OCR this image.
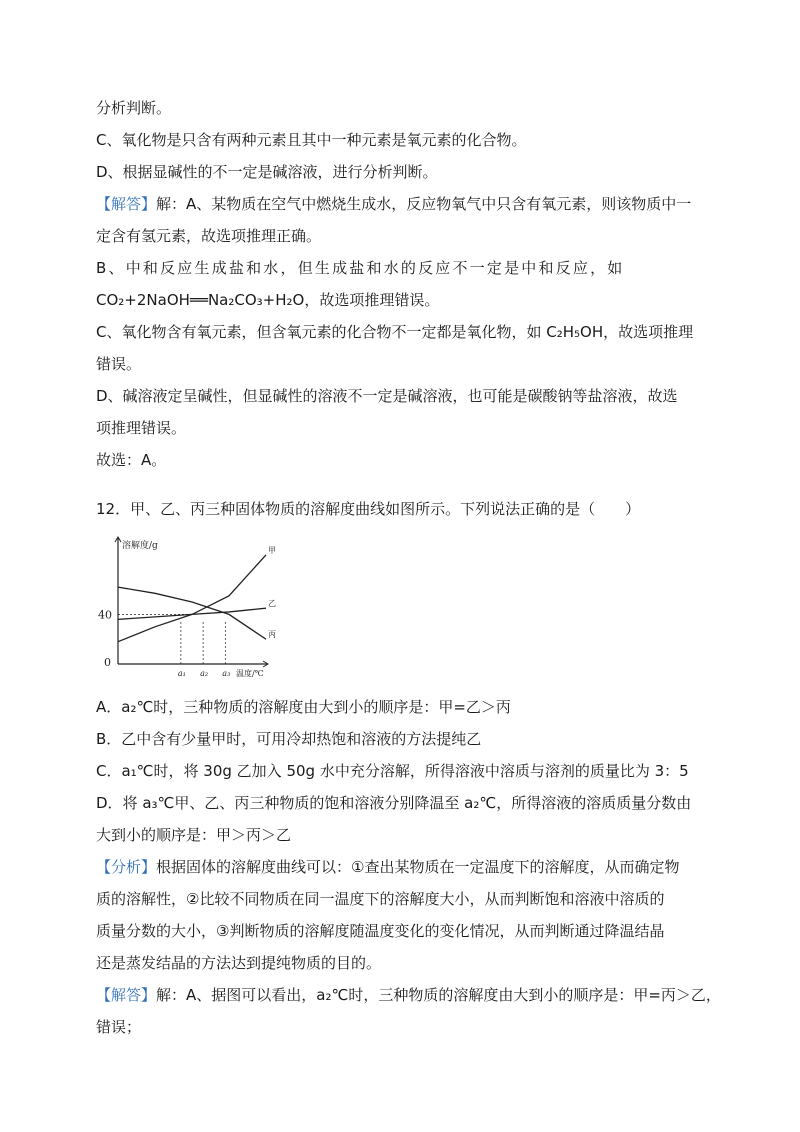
分析判断。
C、氧化物是只含有两种元素且其中一种元素是氧元素的化合物。
D、根据显碱性的不一定是碱溶液，进行分析判断。
【解答】解：A、某物质在空气中燃烧生成水，反应物氧气中只含有氧元素，则该物质中一
定含有氢元素，故选项推理正确。
B、中和反应生成盐和水，但生成盐和水的反应不一定是中和反应，如
CO₂+2NaOH══Na₂CO₃+H₂O，故选项推理错误。
C、氧化物含有氧元素，但含氧元素的化合物不一定都是氧化物，如 C₂H₅OH，故选项推理
错误。
D、碱溶液定呈碱性，但显碱性的溶液不一定是碱溶液，也可能是碳酸钠等盐溶液，故选
项推理错误。
故选：A。
12．甲、乙、丙三种固体物质的溶解度曲线如图所示。下列说法正确的是（　　）
溶解度/g
温度/℃
40
0
a₁ a₂ a₃
甲
乙
丙
A．a₂℃时，三种物质的溶解度由大到小的顺序是：甲=乙＞丙
B．乙中含有少量甲时，可用冷却热饱和溶液的方法提纯乙
C．a₁℃时，将 30g 乙加入 50g 水中充分溶解，所得溶液中溶质与溶剂的质量比为 3：5
D．将 a₃℃甲、乙、丙三种物质的饱和溶液分别降温至 a₂℃，所得溶液的溶质质量分数由
大到小的顺序是：甲＞丙＞乙
【分析】根据固体的溶解度曲线可以：①查出某物质在一定温度下的溶解度，从而确定物
质的溶解性，②比较不同物质在同一温度下的溶解度大小，从而判断饱和溶液中溶质的
质量分数的大小，③判断物质的溶解度随温度变化的变化情况，从而判断通过降温结晶
还是蒸发结晶的方法达到提纯物质的目的。
【解答】解：A、据图可以看出，a₂℃时，三种物质的溶解度由大到小的顺序是：甲=丙＞乙，
错误；
